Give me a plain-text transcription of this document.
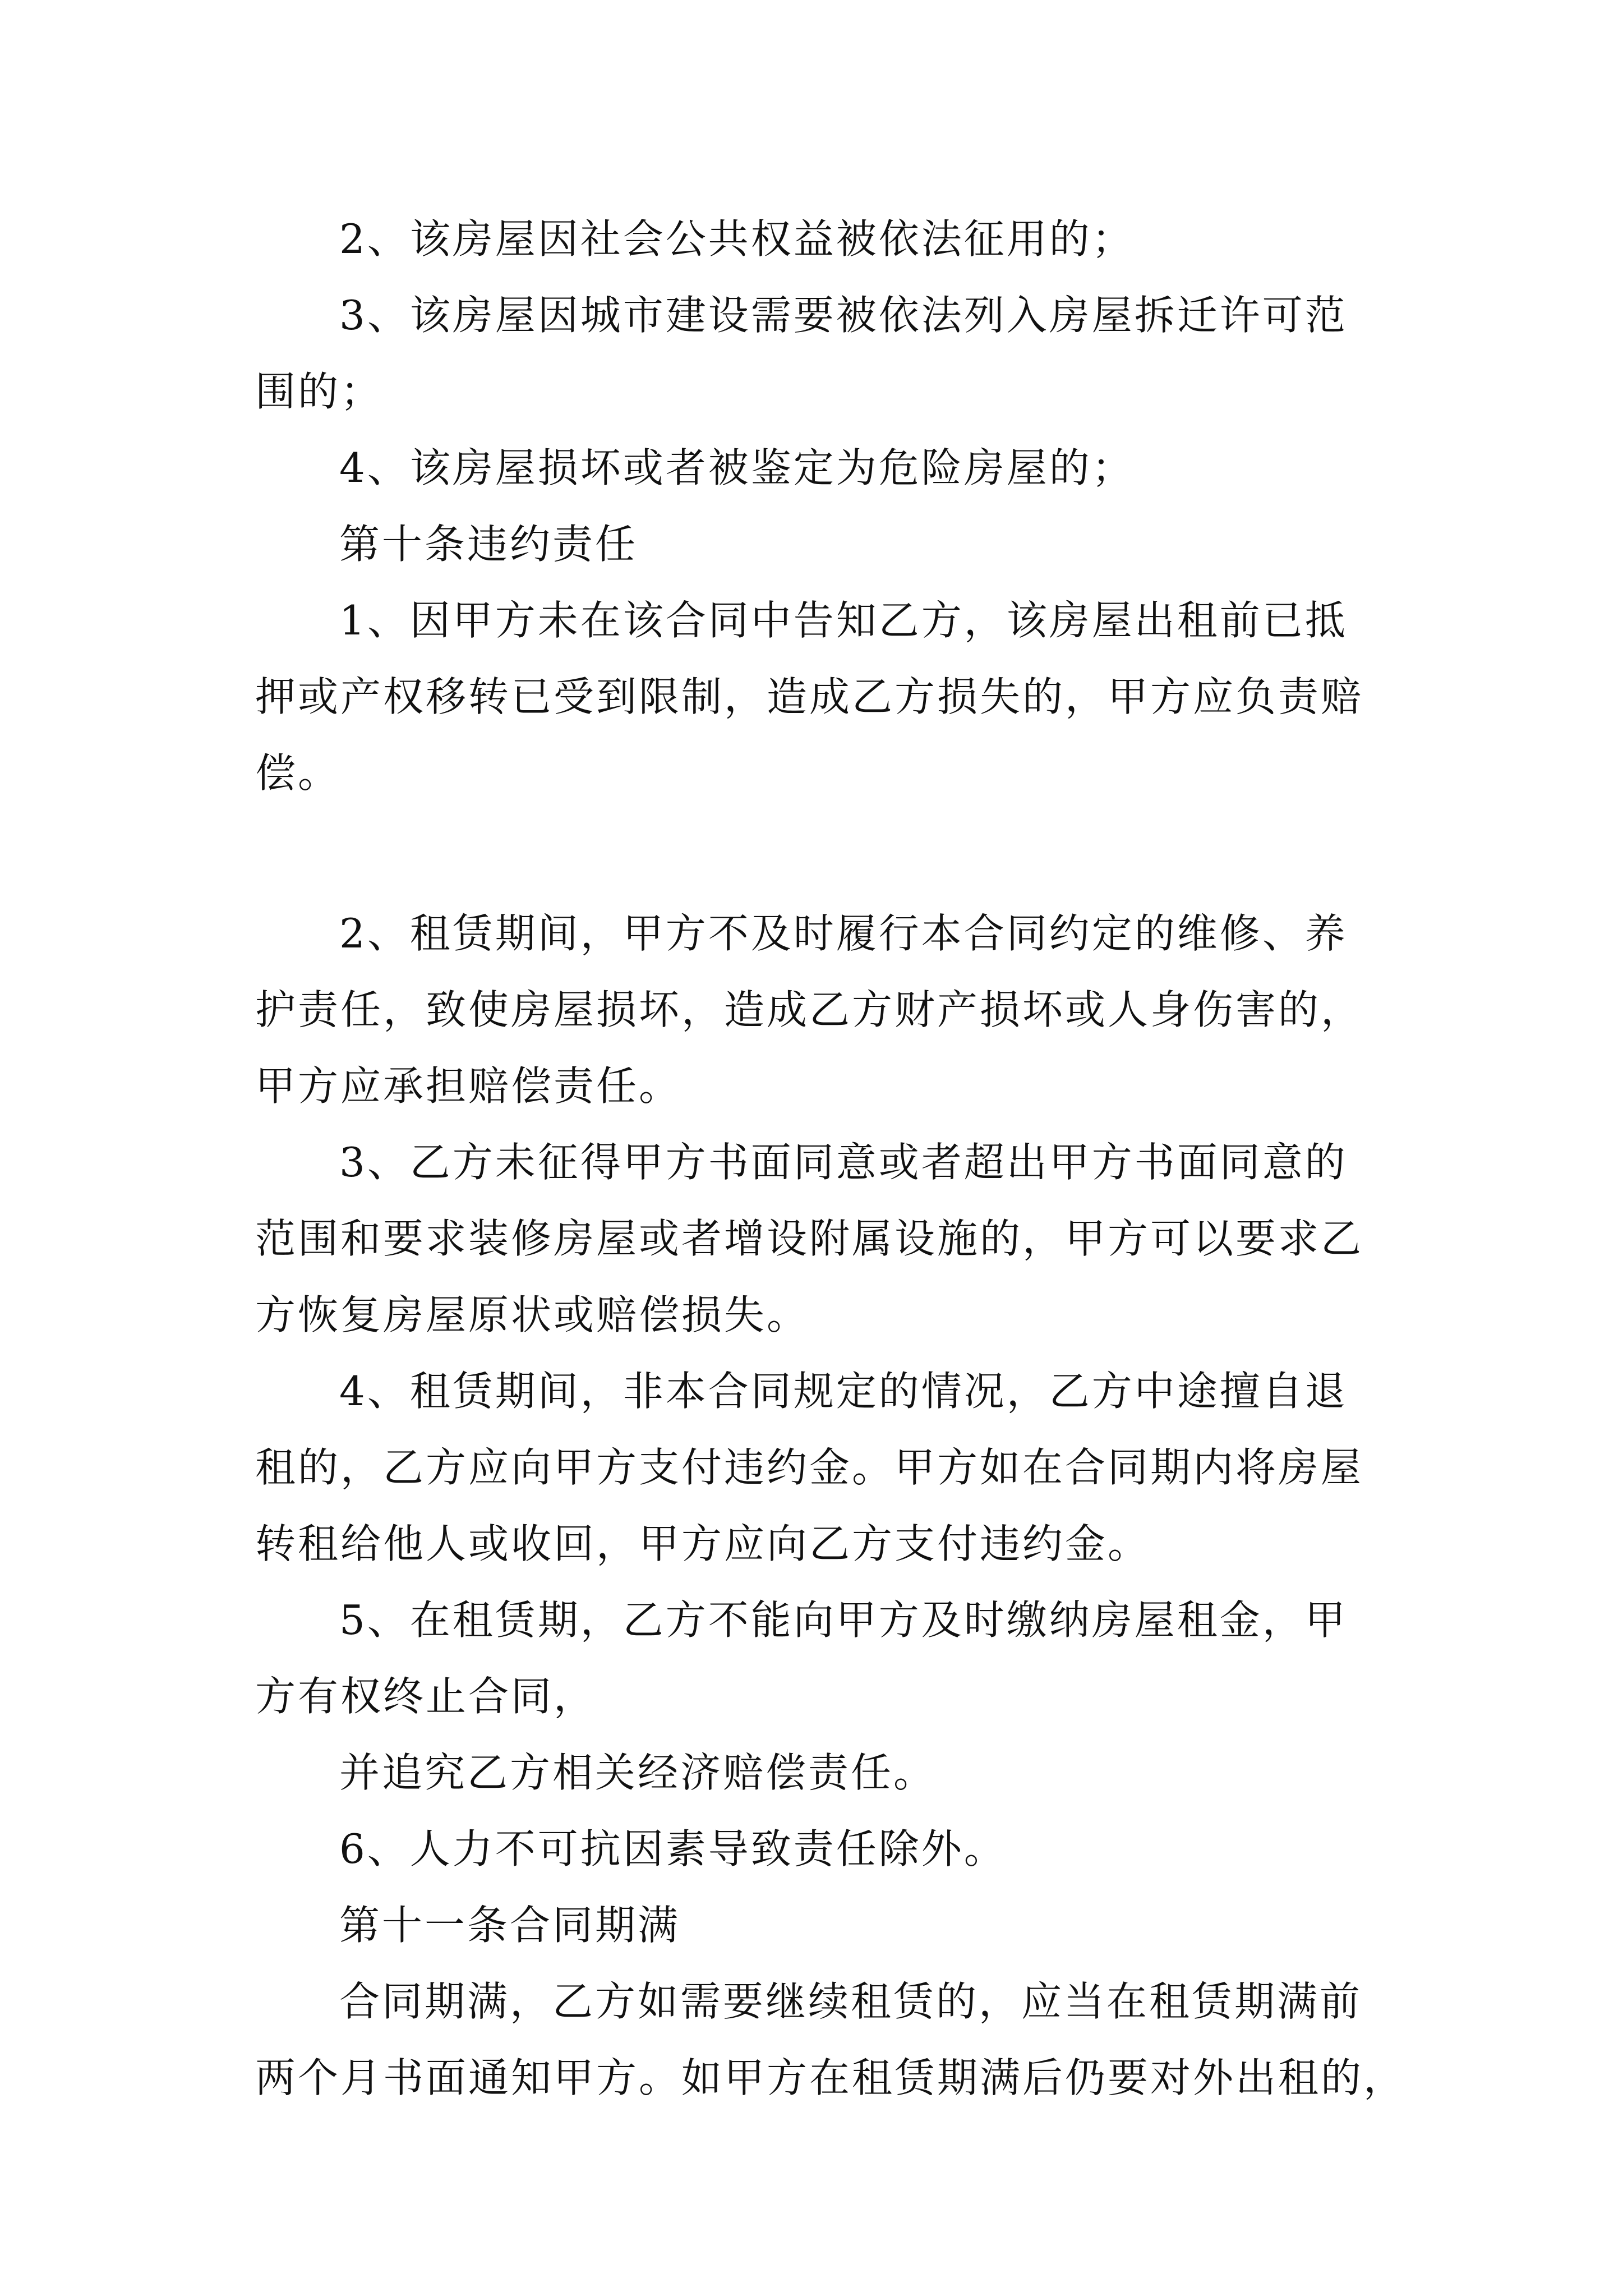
2、该房屋因社会公共权益被依法征用的；
3、该房屋因城市建设需要被依法列入房屋拆迁许可范
围的；
4、该房屋损坏或者被鉴定为危险房屋的；
第十条违约责任
1、因甲方未在该合同中告知乙方，该房屋出租前已抵
押或产权移转已受到限制，造成乙方损失的，甲方应负责赔
偿。
2、租赁期间，甲方不及时履行本合同约定的维修、养
护责任，致使房屋损坏，造成乙方财产损坏或人身伤害的，
甲方应承担赔偿责任。
3、乙方未征得甲方书面同意或者超出甲方书面同意的
范围和要求装修房屋或者增设附属设施的，甲方可以要求乙
方恢复房屋原状或赔偿损失。
4、租赁期间，非本合同规定的情况，乙方中途擅自退
租的，乙方应向甲方支付违约金。甲方如在合同期内将房屋
转租给他人或收回，甲方应向乙方支付违约金。
5、在租赁期，乙方不能向甲方及时缴纳房屋租金，甲
方有权终止合同，
并追究乙方相关经济赔偿责任。
6、人力不可抗因素导致责任除外。
第十一条合同期满
合同期满，乙方如需要继续租赁的，应当在租赁期满前
两个月书面通知甲方。如甲方在租赁期满后仍要对外出租的，
